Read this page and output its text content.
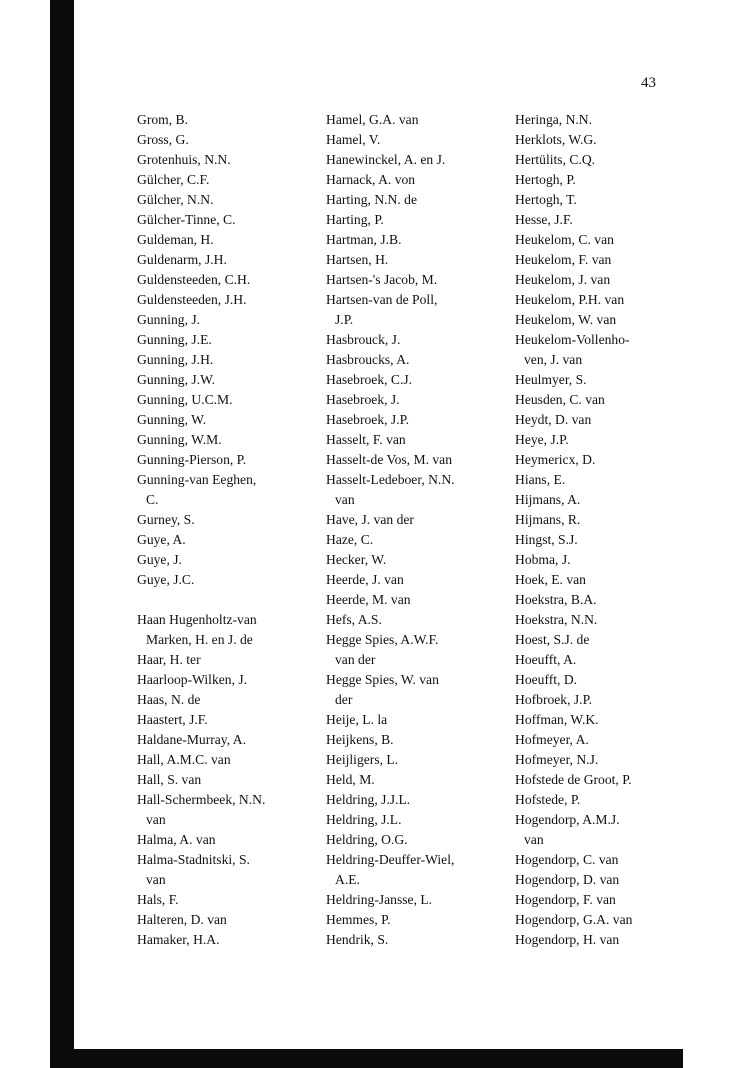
43
Grom, B.
Gross, G.
Grotenhuis, N.N.
Gülcher, C.F.
Gülcher, N.N.
Gülcher-Tinne, C.
Guldeman, H.
Guldenarm, J.H.
Guldensteeden, C.H.
Guldensteeden, J.H.
Gunning, J.
Gunning, J.E.
Gunning, J.H.
Gunning, J.W.
Gunning, U.C.M.
Gunning, W.
Gunning, W.M.
Gunning-Pierson, P.
Gunning-van Eeghen,
C.
Gurney, S.
Guye, A.
Guye, J.
Guye, J.C.
Haan Hugenholtz-van
Marken, H. en J. de
Haar, H. ter
Haarloop-Wilken, J.
Haas, N. de
Haastert, J.F.
Haldane-Murray, A.
Hall, A.M.C. van
Hall, S. van
Hall-Schermbeek, N.N.
van
Halma, A. van
Halma-Stadnitski, S.
van
Hals, F.
Halteren, D. van
Hamaker, H.A.
Hamel, G.A. van
Hamel, V.
Hanewinckel, A. en J.
Harnack, A. von
Harting, N.N. de
Harting, P.
Hartman, J.B.
Hartsen, H.
Hartsen-'s Jacob, M.
Hartsen-van de Poll,
J.P.
Hasbrouck, J.
Hasbroucks, A.
Hasebroek, C.J.
Hasebroek, J.
Hasebroek, J.P.
Hasselt, F. van
Hasselt-de Vos, M. van
Hasselt-Ledeboer, N.N.
van
Have, J. van der
Haze, C.
Hecker, W.
Heerde, J. van
Heerde, M. van
Hefs, A.S.
Hegge Spies, A.W.F.
van der
Hegge Spies, W. van
der
Heije, L. la
Heijkens, B.
Heijligers, L.
Held, M.
Heldring, J.J.L.
Heldring, J.L.
Heldring, O.G.
Heldring-Deuffer-Wiel,
A.E.
Heldring-Jansse, L.
Hemmes, P.
Hendrik, S.
Heringa, N.N.
Herklots, W.G.
Hertülits, C.Q.
Hertogh, P.
Hertogh, T.
Hesse, J.F.
Heukelom, C. van
Heukelom, F. van
Heukelom, J. van
Heukelom, P.H. van
Heukelom, W. van
Heukelom-Vollenho-
ven, J. van
Heulmyer, S.
Heusden, C. van
Heydt, D. van
Heye, J.P.
Heymericx, D.
Hians, E.
Hijmans, A.
Hijmans, R.
Hingst, S.J.
Hobma, J.
Hoek, E. van
Hoekstra, B.A.
Hoekstra, N.N.
Hoest, S.J. de
Hoeufft, A.
Hoeufft, D.
Hofbroek, J.P.
Hoffman, W.K.
Hofmeyer, A.
Hofmeyer, N.J.
Hofstede de Groot, P.
Hofstede, P.
Hogendorp, A.M.J.
van
Hogendorp, C. van
Hogendorp, D. van
Hogendorp, F. van
Hogendorp, G.A. van
Hogendorp, H. van
